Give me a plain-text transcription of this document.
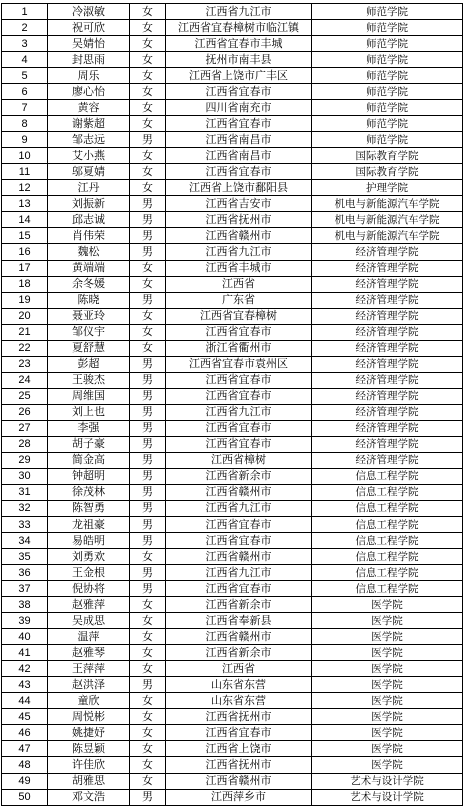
1	冷淑敏	女	江西省九江市	师范学院
2	祝可欣	女	江西省宜春樟树市临江镇	师范学院
3	吴婧怡	女	江西省宜春市丰城	师范学院
4	封思雨	女	抚州市南丰县	师范学院
5	周乐	女	江西省上饶市广丰区	师范学院
6	廖心怡	女	江西省宜春市	师范学院
7	黄容	女	四川省南充市	师范学院
8	谢紫超	女	江西省宜春市	师范学院
9	邹志远	男	江西省南昌市	师范学院
10	艾小燕	女	江西省南昌市	国际教育学院
11	邬夏婧	女	江西省宜春市	国际教育学院
12	江丹	女	江西省上饶市鄱阳县	护理学院
13	刘振新	男	江西省吉安市	机电与新能源汽车学院
14	邱志诚	男	江西省抚州市	机电与新能源汽车学院
15	肖伟荣	男	江西省赣州市	机电与新能源汽车学院
16	魏松	男	江西省九江市	经济管理学院
17	黄端端	女	江西省丰城市	经济管理学院
18	余冬媛	女	江西省	经济管理学院
19	陈晓	男	广东省	经济管理学院
20	聂亚玲	女	江西省宜春樟树	经济管理学院
21	邹仪宇	女	江西省宜春市	经济管理学院
22	夏舒慧	女	浙江省衢州市	经济管理学院
23	彭超	男	江西省宜春市袁州区	经济管理学院
24	王骏杰	男	江西省宜春市	经济管理学院
25	周维国	男	江西省宜春市	经济管理学院
26	刘上也	男	江西省九江市	经济管理学院
27	李强	男	江西省宜春市	经济管理学院
28	胡子豪	男	江西省宜春市	经济管理学院
29	简金高	男	江西省樟树	经济管理学院
30	钟超明	男	江西省新余市	信息工程学院
31	徐茂林	男	江西省赣州市	信息工程学院
32	陈智勇	男	江西省九江市	信息工程学院
33	龙祖豪	男	江西省宜春市	信息工程学院
34	易皓明	男	江西省宜春市	信息工程学院
35	刘勇欢	女	江西省赣州市	信息工程学院
36	王金根	男	江西省九江市	信息工程学院
37	倪协将	男	江西省宜春市	信息工程学院
38	赵雅萍	女	江西省新余市	医学院
39	吴成思	女	江西省奉新县	医学院
40	温萍	女	江西省赣州市	医学院
41	赵雅琴	女	江西省新余市	医学院
42	王萍萍	女	江西省	医学院
43	赵洪泽	男	山东省东营	医学院
44	童欣	女	山东省东营	医学院
45	周悦彬	女	江西省抚州市	医学院
46	姚捷妤	女	江西省宜春市	医学院
47	陈昱颖	女	江西省上饶市	医学院
48	许佳欣	女	江西省抚州市	医学院
49	胡雅思	女	江西省赣州市	艺术与设计学院
50	邓文浩	男	江西萍乡市	艺术与设计学院
